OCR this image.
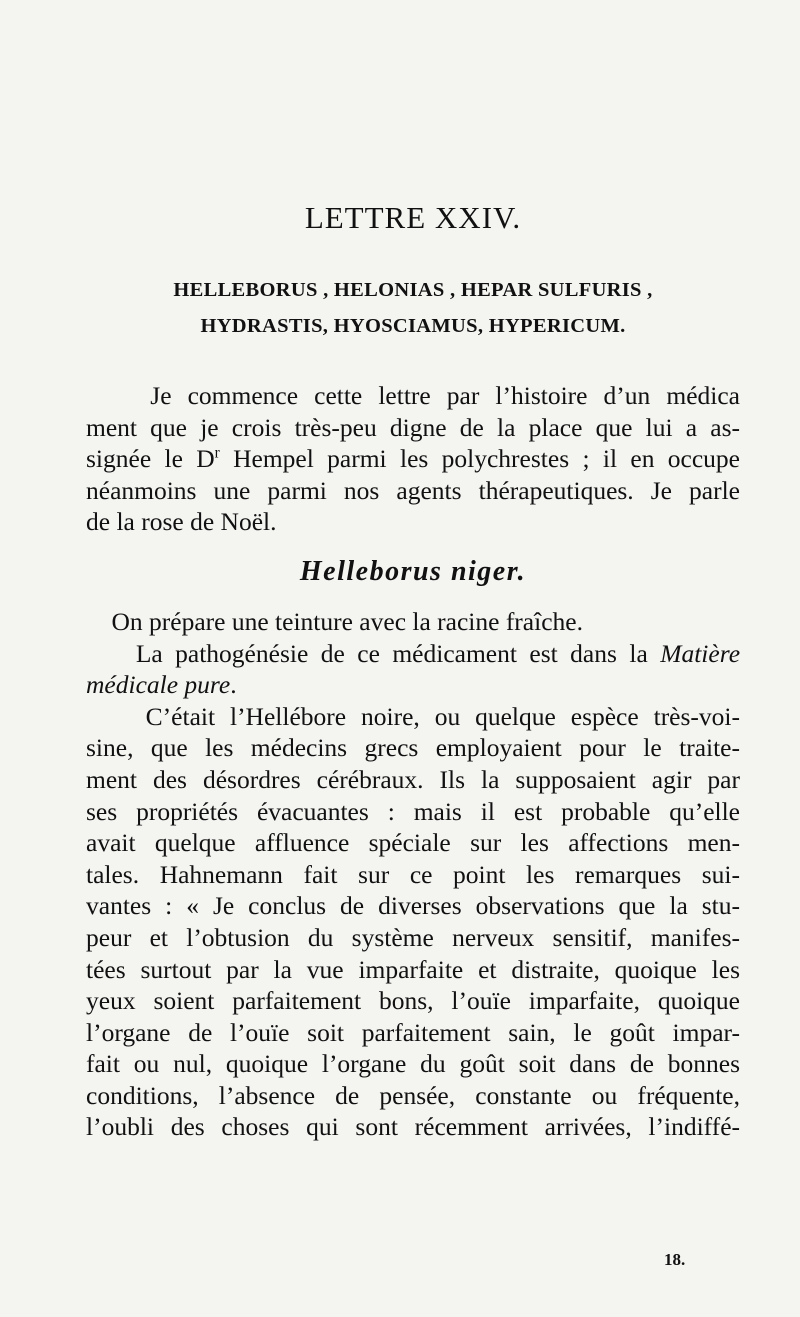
LETTRE XXIV.
HELLEBORUS , HELONIAS , HEPAR SULFURIS ,
HYDRASTIS, HYOSCIAMUS, HYPERICUM.
Je commence cette lettre par l’histoire d’un médica
ment que je crois très-peu digne de la place que lui a as-
signée le $D^r$ Hempel parmi les polychrestes ; il en occupe
néanmoins une parmi nos agents thérapeutiques. Je parle
de la rose de Noël.
Helleborus niger.
On prépare une teinture avec la racine fraîche.
La pathogénésie de ce médicament est dans la Matière
médicale pure.
C’était l’Hellébore noire, ou quelque espèce très-voi-
sine, que les médecins grecs employaient pour le traite-
ment des désordres cérébraux. Ils la supposaient agir par
ses propriétés évacuantes : mais il est probable qu’elle
avait quelque affluence spéciale sur les affections men-
tales. Hahnemann fait sur ce point les remarques sui-
vantes : « Je conclus de diverses observations que la stu-
peur et l’obtusion du système nerveux sensitif, manifes-
tées surtout par la vue imparfaite et distraite, quoique les
yeux soient parfaitement bons, l’ouïe imparfaite, quoique
l’organe de l’ouïe soit parfaitement sain, le goût impar-
fait ou nul, quoique l’organe du goût soit dans de bonnes
conditions, l’absence de pensée, constante ou fréquente,
l’oubli des choses qui sont récemment arrivées, l’indiffé-
18.
